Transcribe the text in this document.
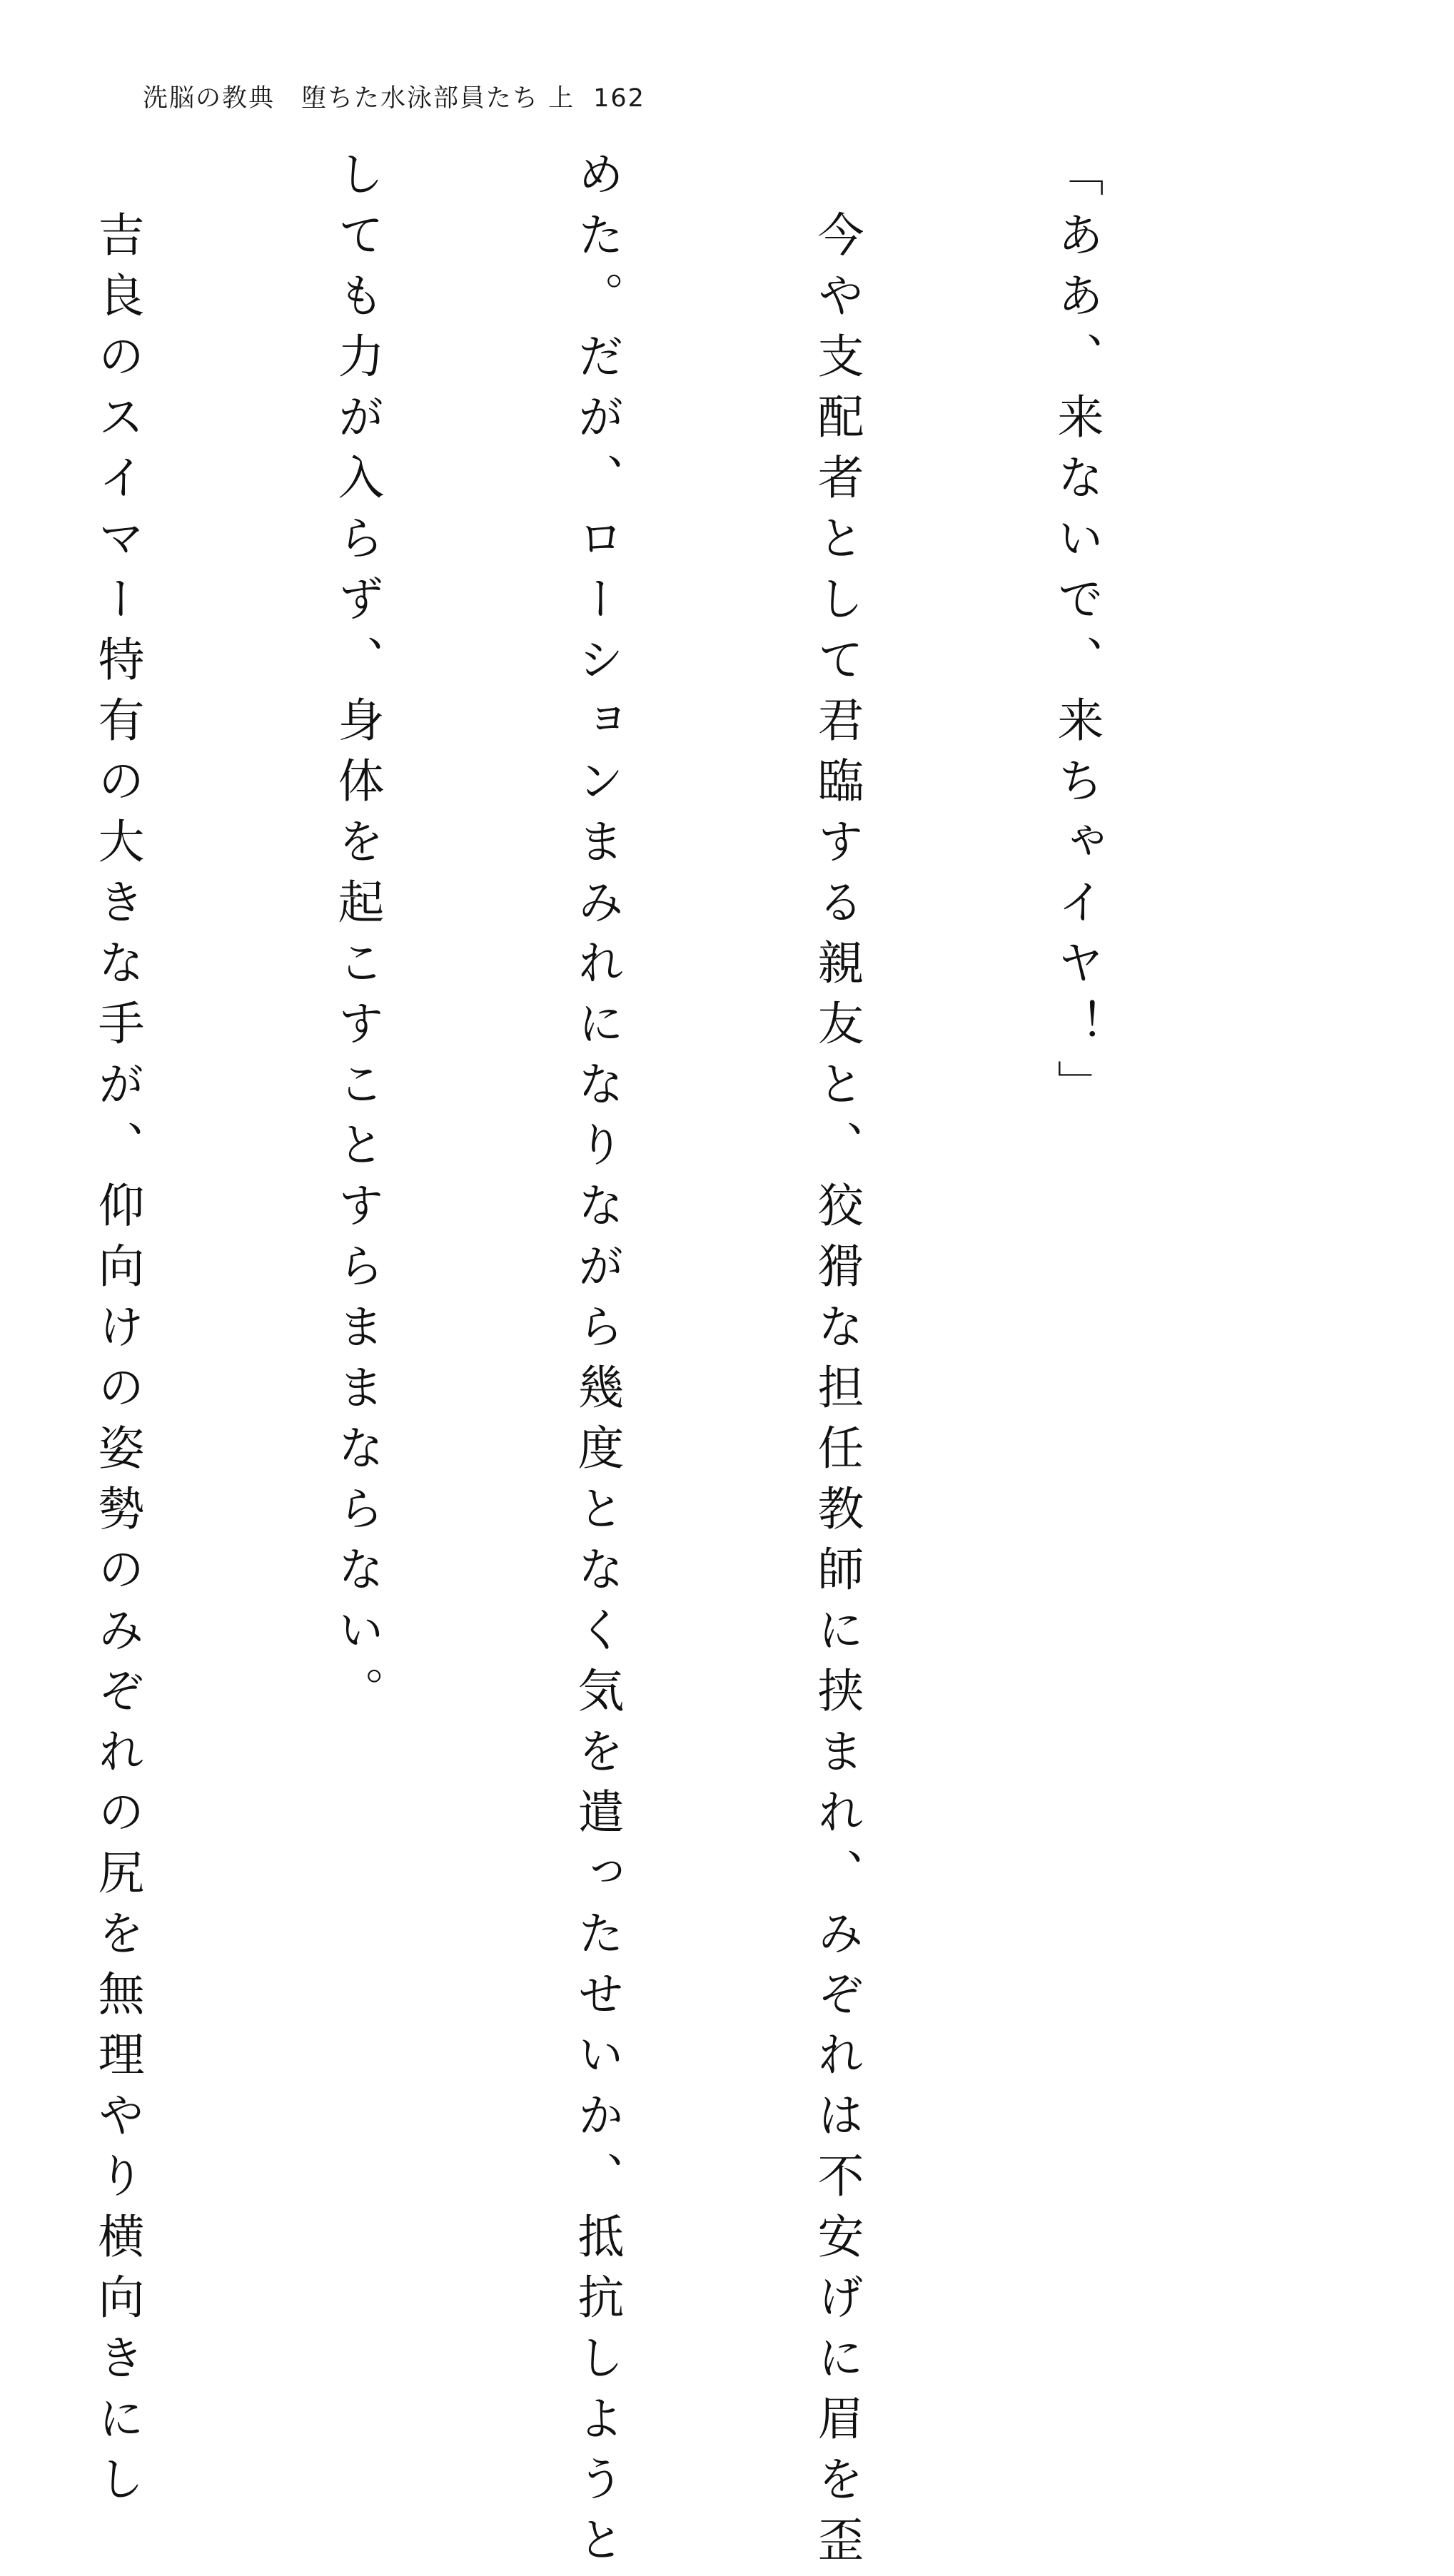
洗脳の教典　堕ちた水泳部員たち 上 162

「ああ、来ないで、来ちゃイヤ！」

　今や支配者として君臨する親友と、狡猾な担任教師に挟まれ、みぞれは不安げに眉を歪

めた。だが、ローションまみれになりながら幾度となく気を遣ったせいか、抵抗しようと

しても力が入らず、身体を起こすことすらままならない。

　吉良のスイマー特有の大きな手が、仰向けの姿勢のみぞれの尻を無理やり横向きにし
